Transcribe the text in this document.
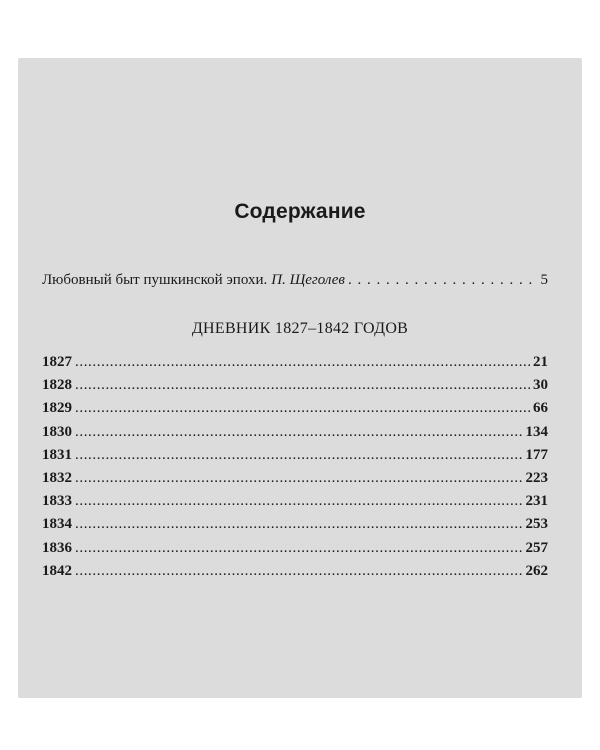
Содержание
Любовный быт пушкинской эпохи. П. Щеголев . . .	5
ДНЕВНИК 1827–1842 ГОДОВ
1827 .....	21
1828 .....	30
1829 .....	66
1830 .....	134
1831 .....	177
1832 .....	223
1833 .....	231
1834 .....	253
1836 .....	257
1842 .....	262
